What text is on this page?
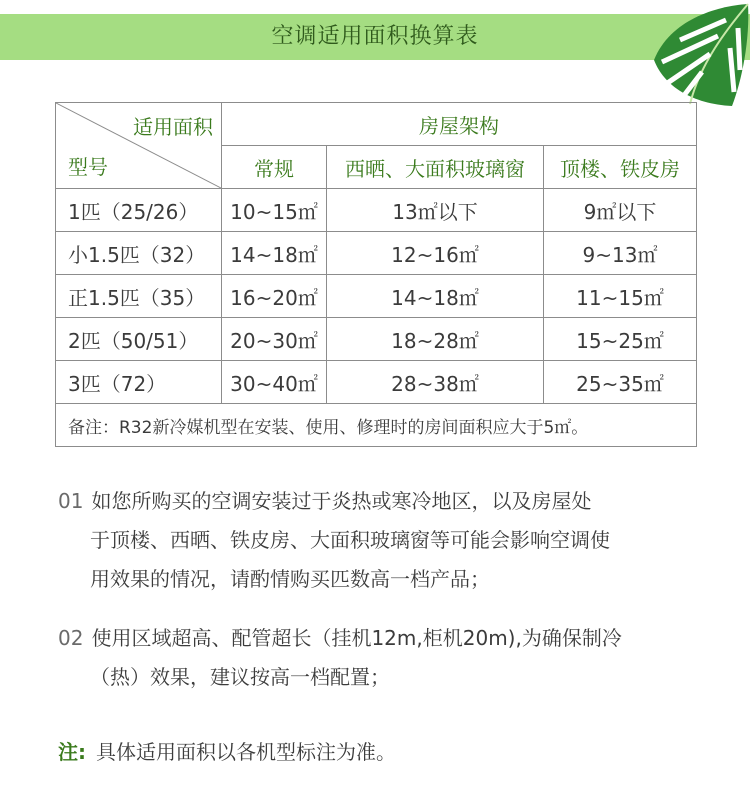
空调适用面积换算表
适用面积
型号	房屋架构		
	常规	西晒、大面积玻璃窗	顶楼、铁皮房
1匹（25/26）	10~15㎡	13㎡以下	9㎡以下
小1.5匹（32）	14~18㎡	12~16㎡	9~13㎡
正1.5匹（35）	16~20㎡	14~18㎡	11~15㎡
2匹（50/51）	20~30㎡	18~28㎡	15~25㎡
3匹（72）	30~40㎡	28~38㎡	25~35㎡
备注：R32新冷媒机型在安装、使用、修理时的房间面积应大于5㎡。			
01 如您所购买的空调安装过于炎热或寒冷地区，以及房屋处
于顶楼、西晒、铁皮房、大面积玻璃窗等可能会影响空调使
用效果的情况，请酌情购买匹数高一档产品；
02 使用区域超高、配管超长（挂机12m,柜机20m),为确保制冷
（热）效果，建议按高一档配置；
注: 具体适用面积以各机型标注为准。
